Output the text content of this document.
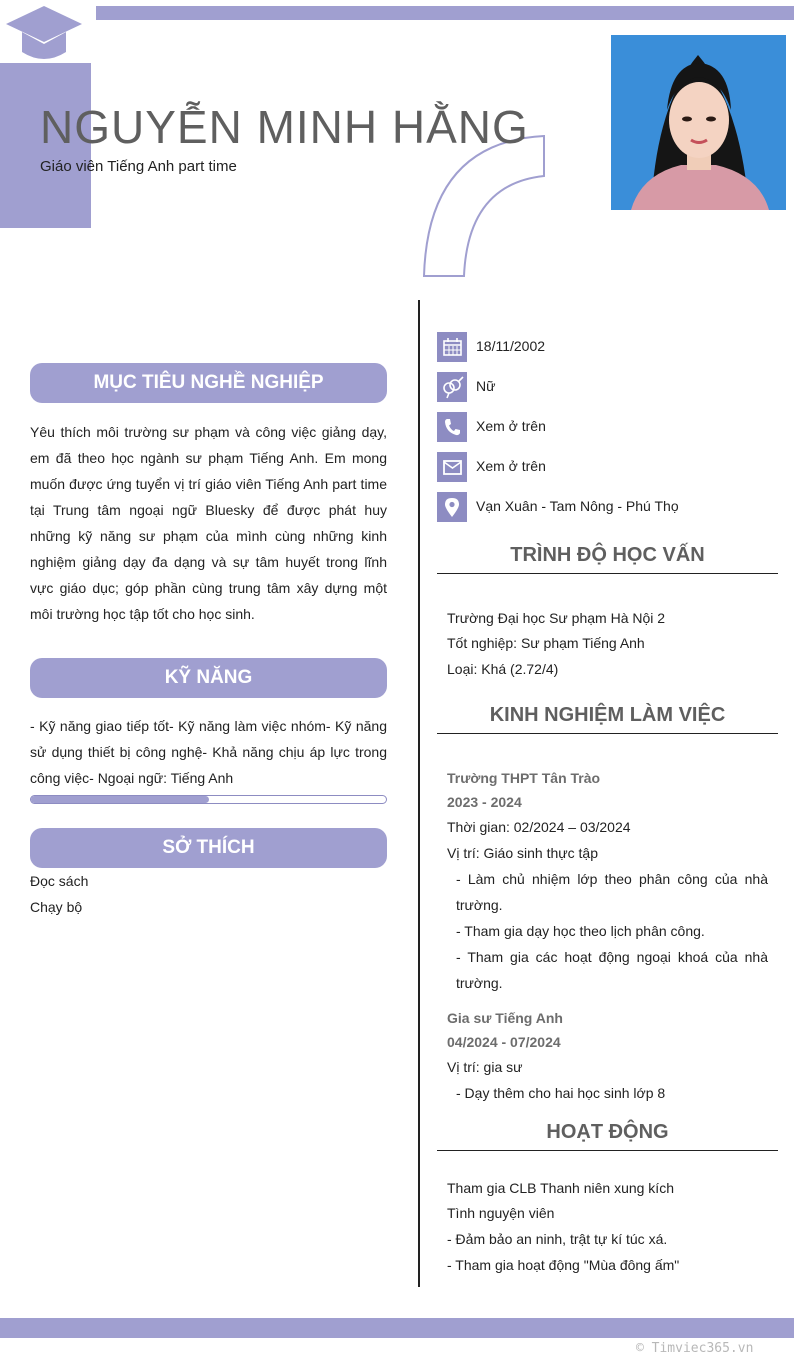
NGUYỄN MINH HẰNG
Giáo viên Tiếng Anh part time
MỤC TIÊU NGHỀ NGHIỆP
Yêu thích môi trường sư phạm và công việc giảng dạy, em đã theo học ngành sư phạm Tiếng Anh. Em mong muốn được ứng tuyển vị trí giáo viên Tiếng Anh part time tại Trung tâm ngoại ngữ Bluesky để được phát huy những kỹ năng sư phạm của mình cùng những kinh nghiệm giảng dạy đa dạng và sự tâm huyết trong lĩnh vực giáo dục; góp phần cùng trung tâm xây dựng một môi trường học tập tốt cho học sinh.
KỸ NĂNG
- Kỹ năng giao tiếp tốt- Kỹ năng làm việc nhóm- Kỹ năng sử dụng thiết bị công nghệ- Khả năng chịu áp lực trong công việc- Ngoại ngữ: Tiếng Anh
SỞ THÍCH
Đọc sách
Chạy bộ
18/11/2002
Nữ
Xem ở trên
Xem ở trên
Vạn Xuân - Tam Nông - Phú Thọ
TRÌNH ĐỘ HỌC VẤN
Trường Đại học Sư phạm Hà Nội 2
Tốt nghiệp: Sư phạm Tiếng Anh
Loại: Khá (2.72/4)
KINH NGHIỆM LÀM VIỆC
Trường THPT Tân Trào
2023 - 2024
Thời gian: 02/2024 – 03/2024
Vị trí: Giáo sinh thực tập
- Làm chủ nhiệm lớp theo phân công của nhà trường.
- Tham gia dạy học theo lịch phân công.
- Tham gia các hoạt động ngoại khoá của nhà trường.
Gia sư Tiếng Anh
04/2024 - 07/2024
Vị trí: gia sư
- Dạy thêm cho hai học sinh lớp 8
HOẠT ĐỘNG
Tham gia CLB Thanh niên xung kích
Tình nguyện viên
- Đảm bảo an ninh, trật tự kí túc xá.
- Tham gia hoạt động "Mùa đông ấm"
© Timviec365.vn
